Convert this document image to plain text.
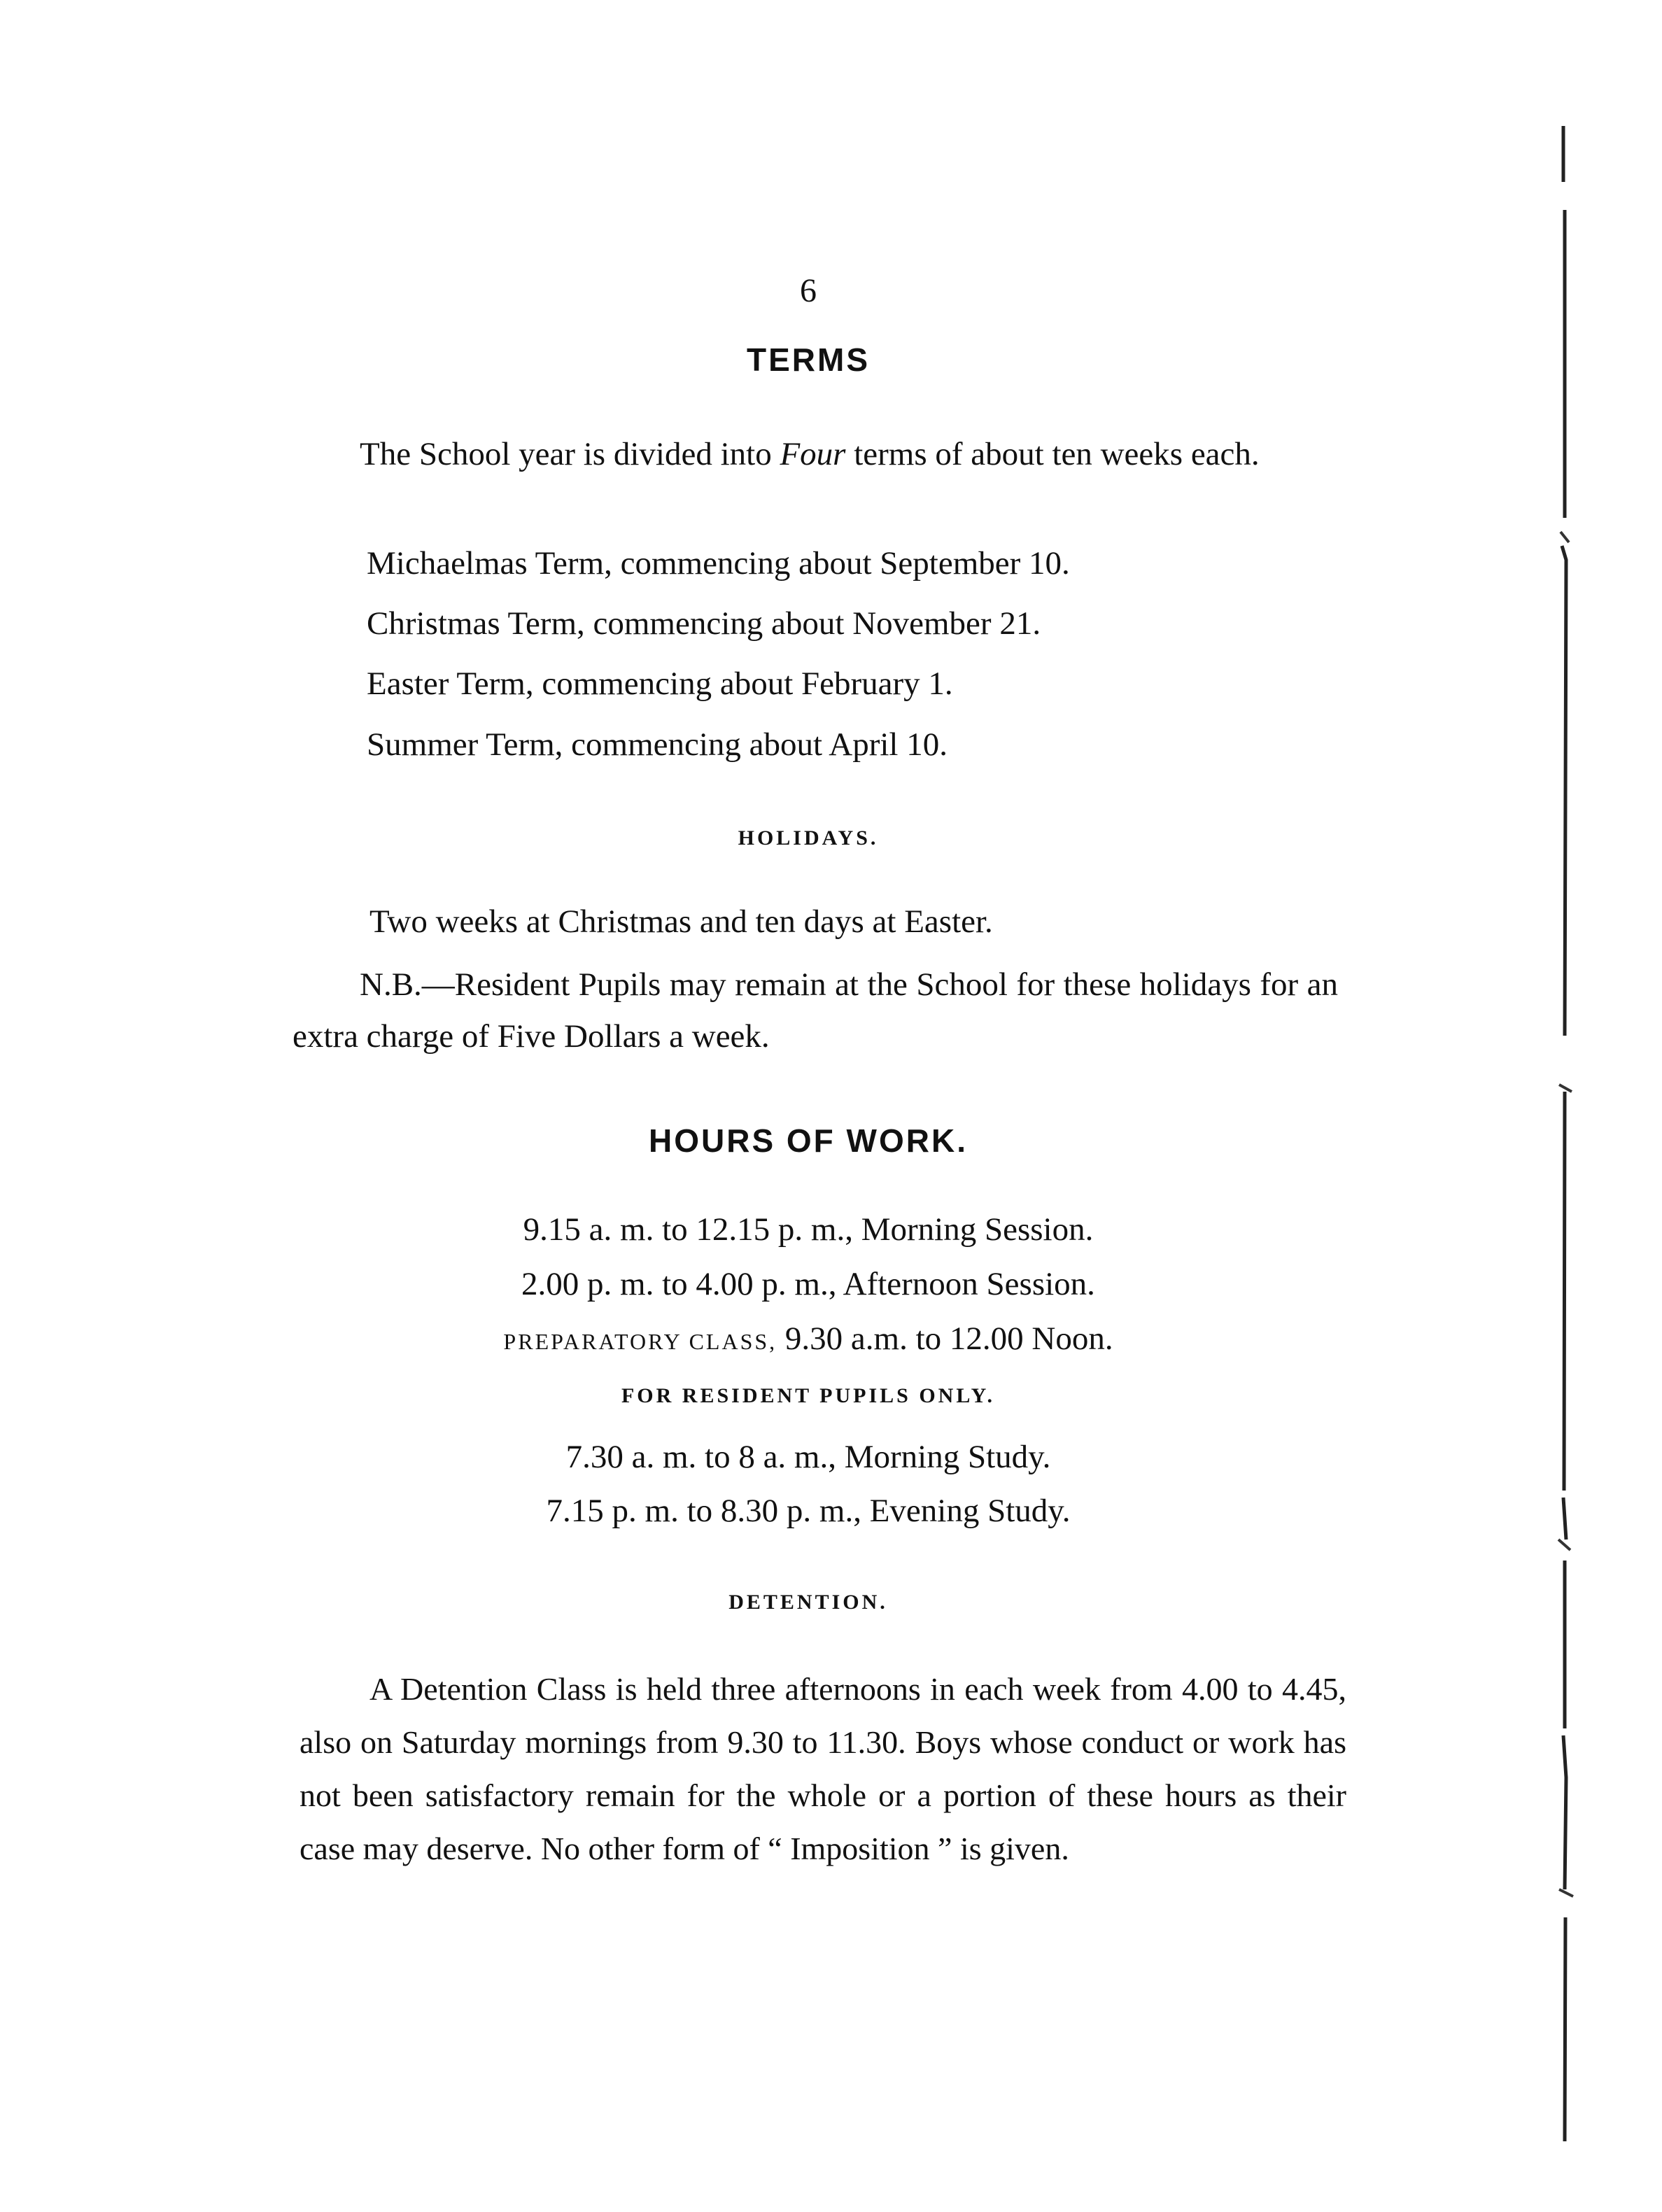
6
TERMS
The School year is divided into Four terms of about ten weeks each.
Michaelmas Term, commencing about September 10.
Christmas Term, commencing about November 21.
Easter Term, commencing about February 1.
Summer Term, commencing about April 10.
HOLIDAYS.
Two weeks at Christmas and ten days at Easter.
N.B.—Resident Pupils may remain at the School for these holidays for an extra charge of Five Dollars a week.
HOURS OF WORK.
9.15 a. m. to 12.15 p. m., Morning Session.
2.00 p. m. to 4.00 p. m., Afternoon Session.
PREPARATORY CLASS, 9.30 a.m. to 12.00 Noon.
FOR RESIDENT PUPILS ONLY.
7.30 a. m. to 8 a. m., Morning Study.
7.15 p. m. to 8.30 p. m., Evening Study.
DETENTION.
A Detention Class is held three afternoons in each week from 4.00 to 4.45, also on Saturday mornings from 9.30 to 11.30. Boys whose conduct or work has not been satisfactory remain for the whole or a portion of these hours as their case may deserve. No other form of “ Imposition ” is given.
